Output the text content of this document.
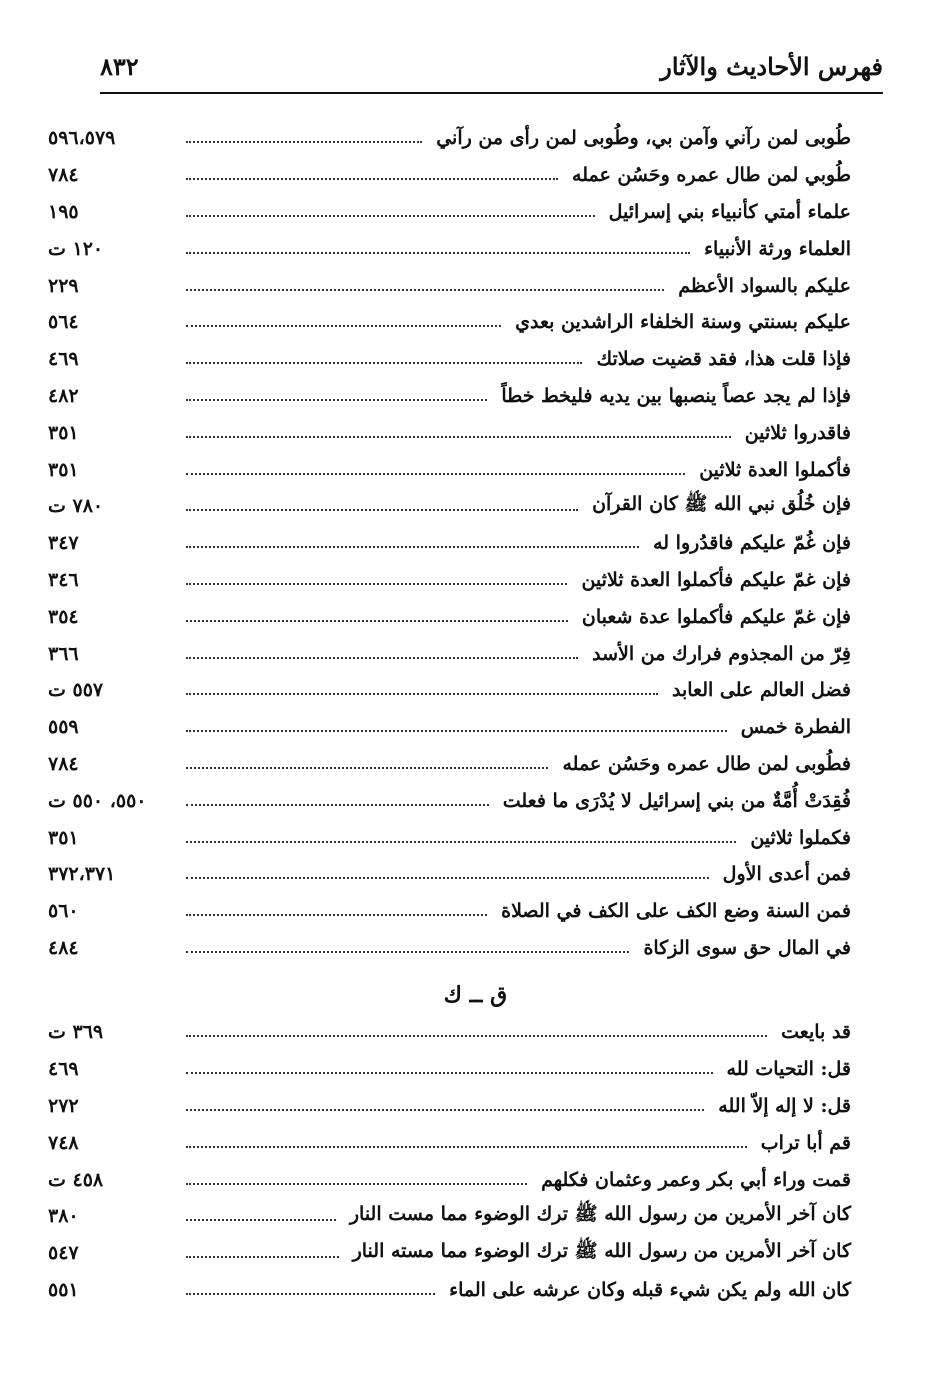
فهرس الأحاديث والآثار
٨٣٢
طُوبى لمن رآني وآمن بي، وطُوبى لمن رأى من رآني
٥٩٦،٥٧٩
طُوبي لمن طال عمره وحَسُن عمله
٧٨٤
علماء أمتي كأنبياء بني إسرائيل
١٩٥
العلماء ورثة الأنبياء
١٢٠ ت
عليكم بالسواد الأعظم
٢٢٩
عليكم بسنتي وسنة الخلفاء الراشدين بعدي
٥٦٤
فإذا قلت هذا، فقد قضيت صلاتك
٤٦٩
فإذا لم يجد عصاً ينصبها بين يديه فليخط خطاً
٤٨٢
فاقدروا ثلاثين
٣٥١
فأكملوا العدة ثلاثين
٣٥١
فإن خُلُق نبي الله ﷺ كان القرآن
٧٨٠ ت
فإن غُمّ عليكم فاقدُروا له
٣٤٧
فإن غمّ عليكم فأكملوا العدة ثلاثين
٣٤٦
فإن غمّ عليكم فأكملوا عدة شعبان
٣٥٤
فِرّ من المجذوم فرارك من الأسد
٣٦٦
فضل العالم على العابد
٥٥٧ ت
الفطرة خمس
٥٥٩
فطُوبى لمن طال عمره وحَسُن عمله
٧٨٤
فُقِدَتْ أُمَّةٌ من بني إسرائيل لا يُدْرَى ما فعلت
٥٥٠، ٥٥٠ ت
فكملوا ثلاثين
٣٥١
فمن أعدى الأول
٣٧٢،٣٧١
فمن السنة وضع الكف على الكف في الصلاة
٥٦٠
في المال حق سوى الزكاة
٤٨٤
ق ــ ك
قد بايعت
٣٦٩ ت
قل: التحيات لله
٤٦٩
قل: لا إله إلاّ الله
٢٧٢
قم أبا تراب
٧٤٨
قمت وراء أبي بكر وعمر وعثمان فكلهم
٤٥٨ ت
كان آخر الأمرين من رسول الله ﷺ ترك الوضوء مما مست النار
٣٨٠
كان آخر الأمرين من رسول الله ﷺ ترك الوضوء مما مسته النار
٥٤٧
كان الله ولم يكن شيء قبله وكان عرشه على الماء
٥٥١
